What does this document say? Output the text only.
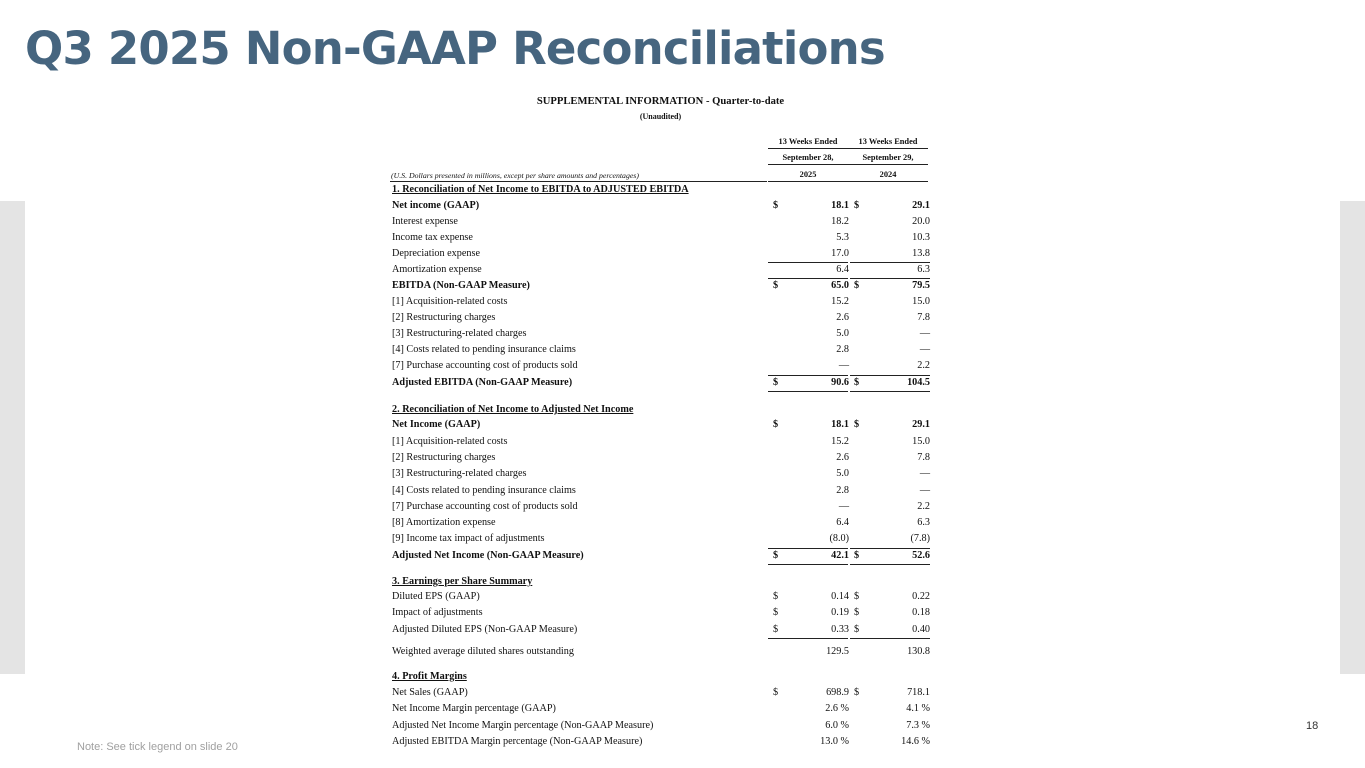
Q3 2025 Non-GAAP Reconciliations
SUPPLEMENTAL INFORMATION - Quarter-to-date
(Unaudited)
13 Weeks Ended	13 Weeks Ended
September 28,	September 29,
2025	2024
(U.S. Dollars presented in millions, except per share amounts and percentages)
1. Reconciliation of Net Income to EBITDA to ADJUSTED EBITDA
Net income (GAAP)	$	18.1 $	29.1
Interest expense	18.2	20.0
Income tax expense	5.3	10.3
Depreciation expense	17.0	13.8
Amortization expense	6.4	6.3
EBITDA (Non-GAAP Measure)	$	65.0 $	79.5
[1] Acquisition-related costs	15.2	15.0
[2] Restructuring charges	2.6	7.8
[3] Restructuring-related charges	5.0	—
[4] Costs related to pending insurance claims	2.8	—
[7] Purchase accounting cost of products sold	—	2.2
Adjusted EBITDA (Non-GAAP Measure)	$	90.6 $	104.5
2. Reconciliation of Net Income to Adjusted Net Income
Net Income (GAAP)	$	18.1 $	29.1
[1] Acquisition-related costs	15.2	15.0
[2] Restructuring charges	2.6	7.8
[3] Restructuring-related charges	5.0	—
[4] Costs related to pending insurance claims	2.8	—
[7] Purchase accounting cost of products sold	—	2.2
[8] Amortization expense	6.4	6.3
[9] Income tax impact of adjustments	(8.0)	(7.8)
Adjusted Net Income (Non-GAAP Measure)	$	42.1 $	52.6
3. Earnings per Share Summary
Diluted EPS (GAAP)	$	0.14 $	0.22
Impact of adjustments	$	0.19 $	0.18
Adjusted Diluted EPS (Non-GAAP Measure)	$	0.33 $	0.40
Weighted average diluted shares outstanding	129.5	130.8
4. Profit Margins
Net Sales (GAAP)	$	698.9 $	718.1
Net Income Margin percentage (GAAP)	2.6 %	4.1 %
Adjusted Net Income Margin percentage (Non-GAAP Measure)	6.0 %	7.3 %
Adjusted EBITDA Margin percentage (Non-GAAP Measure)	13.0 %	14.6 %
Note: See tick legend on slide 20
18
